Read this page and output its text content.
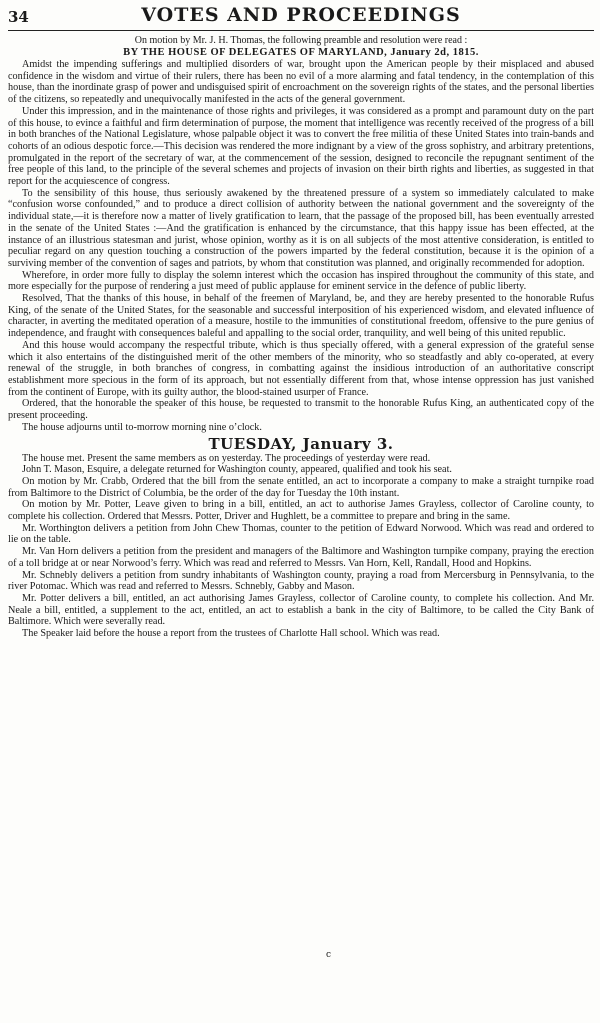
34	VOTES AND PROCEEDINGS
On motion by Mr. J. H. Thomas, the following preamble and resolution were read :
BY THE HOUSE OF DELEGATES OF MARYLAND, January 2d, 1815.

Amidst the impending sufferings and multiplied disorders of war, brought upon the American people by their misplaced and abused confidence in the wisdom and virtue of their rulers, there has been no evil of a more alarming and fatal tendency, in the contemplation of this house, than the inordinate grasp of power and undisguised spirit of encroachment on the sovereign rights of the states, and the personal liberties of the citizens, so repeatedly and unequivocally manifested in the acts of the general government.

Under this impression, and in the maintenance of those rights and privileges, it was considered as a prompt and paramount duty on the part of this house, to evince a faithful and firm determination of purpose, the moment that intelligence was recently received of the progress of a bill in both branches of the National Legislature, whose palpable object it was to convert the free militia of these United States into train-bands and cohorts of an odious despotic force.—This decision was rendered the more indignant by a view of the gross sophistry, and arbitrary pretentions, promulgated in the report of the secretary of war, at the commencement of the session, designed to reconcile the repugnant sentiment of the free people of this land, to the principle of the several schemes and projects of invasion on their birth rights and liberties, as suggested in that report for the acquiescence of congress.

To the sensibility of this house, thus seriously awakened by the threatened pressure of a system so immediately calculated to make “confusion worse confounded,” and to produce a direct collision of authority between the national government and the sovereignty of the individual state,—it is therefore now a matter of lively gratification to learn, that the passage of the proposed bill, has been eventually arrested in the senate of the United States :—And the gratification is enhanced by the circumstance, that this happy issue has been effected, at the instance of an illustrious statesman and jurist, whose opinion, worthy as it is on all subjects of the most attentive consideration, is entitled to peculiar regard on any question touching a construction of the powers imparted by the federal constitution, because it is the opinion of a surviving member of the convention of sages and patriots, by whom that constitution was planned, and originally recommended for adoption.

Wherefore, in order more fully to display the solemn interest which the occasion has inspired throughout the community of this state, and more especially for the purpose of rendering a just meed of public applause for eminent service in the defence of public liberty.

Resolved, That the thanks of this house, in behalf of the freemen of Maryland, be, and they are hereby presented to the honorable Rufus King, of the senate of the United States, for the seasonable and successful interposition of his experienced wisdom, and elevated influence of character, in averting the meditated operation of a measure, hostile to the immunities of constitutional freedom, offensive to the pure genius of independence, and fraught with consequences baleful and appalling to the social order, tranquility, and well being of this united republic.

And this house would accompany the respectful tribute, which is thus specially offered, with a general expression of the grateful sense which it also entertains of the distinguished merit of the other members of the minority, who so steadfastly and ably co-operated, at every renewal of the struggle, in both branches of congress, in combatting against the insidious introduction of an authoritative conscript establishment more specious in the form of its approach, but not essentially different from that, whose intense oppression has just vanished from the continent of Europe, with its guilty author, the blood-stained usurper of France.

Ordered, that the honorable the speaker of this house, be requested to transmit to the honorable Rufus King, an authenticated copy of the present proceeding.

The house adjourns until to-morrow morning nine o’clock.

TUESDAY, January 3.

The house met. Present the same members as on yesterday. The proceedings of yesterday were read.

John T. Mason, Esquire, a delegate returned for Washington county, appeared, qualified and took his seat.

On motion by Mr. Crabb, Ordered that the bill from the senate entitled, an act to incorporate a company to make a straight turnpike road from Baltimore to the District of Columbia, be the order of the day for Tuesday the 10th instant.

On motion by Mr. Potter, Leave given to bring in a bill, entitled, an act to authorise James Grayless, collector of Caroline county, to complete his collection. Ordered that Messrs. Potter, Driver and Hughlett, be a committee to prepare and bring in the same.

Mr. Worthington delivers a petition from John Chew Thomas, counter to the petition of Edward Norwood. Which was read and ordered to lie on the table.

Mr. Van Horn delivers a petition from the president and managers of the Baltimore and Washington turnpike company, praying the erection of a toll bridge at or near Norwood’s ferry. Which was read and referred to Messrs. Van Horn, Kell, Randall, Hood and Hopkins.

Mr. Schnebly delivers a petition from sundry inhabitants of Washington county, praying a road from Mercersburg in Pennsylvania, to the river Potomac. Which was read and referred to Messrs. Schnebly, Gabby and Mason.

Mr. Potter delivers a bill, entitled, an act authorising James Grayless, collector of Caroline county, to complete his collection. And Mr. Neale a bill, entitled, a supplement to the act, entitled, an act to establish a bank in the city of Baltimore, to be called the City Bank of Baltimore. Which were severally read.

The Speaker laid before the house a report from the trustees of Charlotte Hall school. Which was read.

c
